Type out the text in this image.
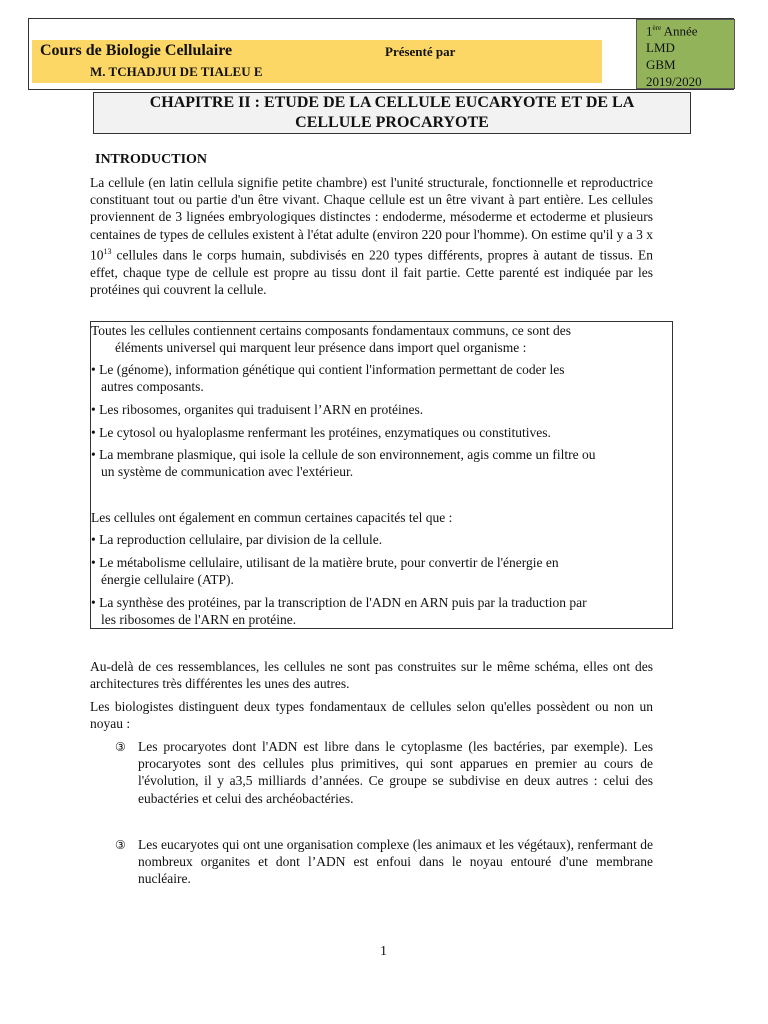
Cours de Biologie Cellulaire	Présenté par
M. TCHADJUI DE TIALEU E
1ère Année
LMD
GBM
2019/2020
CHAPITRE II : ETUDE DE LA CELLULE EUCARYOTE ET DE LA
CELLULE PROCARYOTE
INTRODUCTION
La cellule (en latin cellula signifie petite chambre) est l'unité structurale, fonctionnelle et reproductrice constituant tout ou partie d'un être vivant. Chaque cellule est un être vivant à part entière. Les cellules proviennent de 3 lignées embryologiques distinctes : endoderme, mésoderme et ectoderme et plusieurs centaines de types de cellules existent à l'état adulte (environ 220 pour l'homme). On estime qu'il y a 3 x $10^{13}$ cellules dans le corps humain, subdivisés en 220 types différents, propres à autant de tissus. En effet, chaque type de cellule est propre au tissu dont il fait partie. Cette parenté est indiquée par les protéines qui couvrent la cellule.
Toutes les cellules contiennent certains composants fondamentaux communs, ce sont des
éléments universel qui marquent leur présence dans import quel organisme :
• Le (génome), information génétique qui contient l'information permettant de coder les
autres composants.
• Les ribosomes, organites qui traduisent l’ARN en protéines.
• Le cytosol ou hyaloplasme renfermant les protéines, enzymatiques ou constitutives.
• La membrane plasmique, qui isole la cellule de son environnement, agis comme un filtre ou
un système de communication avec l'extérieur.
Les cellules ont également en commun certaines capacités tel que :
• La reproduction cellulaire, par division de la cellule.
• Le métabolisme cellulaire, utilisant de la matière brute, pour convertir de l'énergie en
énergie cellulaire (ATP).
• La synthèse des protéines, par la transcription de l'ADN en ARN puis par la traduction par
les ribosomes de l'ARN en protéine.
Au-delà de ces ressemblances, les cellules ne sont pas construites sur le même schéma, elles ont des architectures très différentes les unes des autres.
Les biologistes distinguent deux types fondamentaux de cellules selon qu'elles possèdent ou non un noyau :
③ Les procaryotes dont l'ADN est libre dans le cytoplasme (les bactéries, par exemple). Les procaryotes sont des cellules plus primitives, qui sont apparues en premier au cours de l'évolution, il y a3,5 milliards d’années. Ce groupe se subdivise en deux autres : celui des eubactéries et celui des archéobactéries.
③ Les eucaryotes qui ont une organisation complexe (les animaux et les végétaux), renfermant de nombreux organites et dont l’ADN est enfoui dans le noyau entouré d'une membrane nucléaire.
1
